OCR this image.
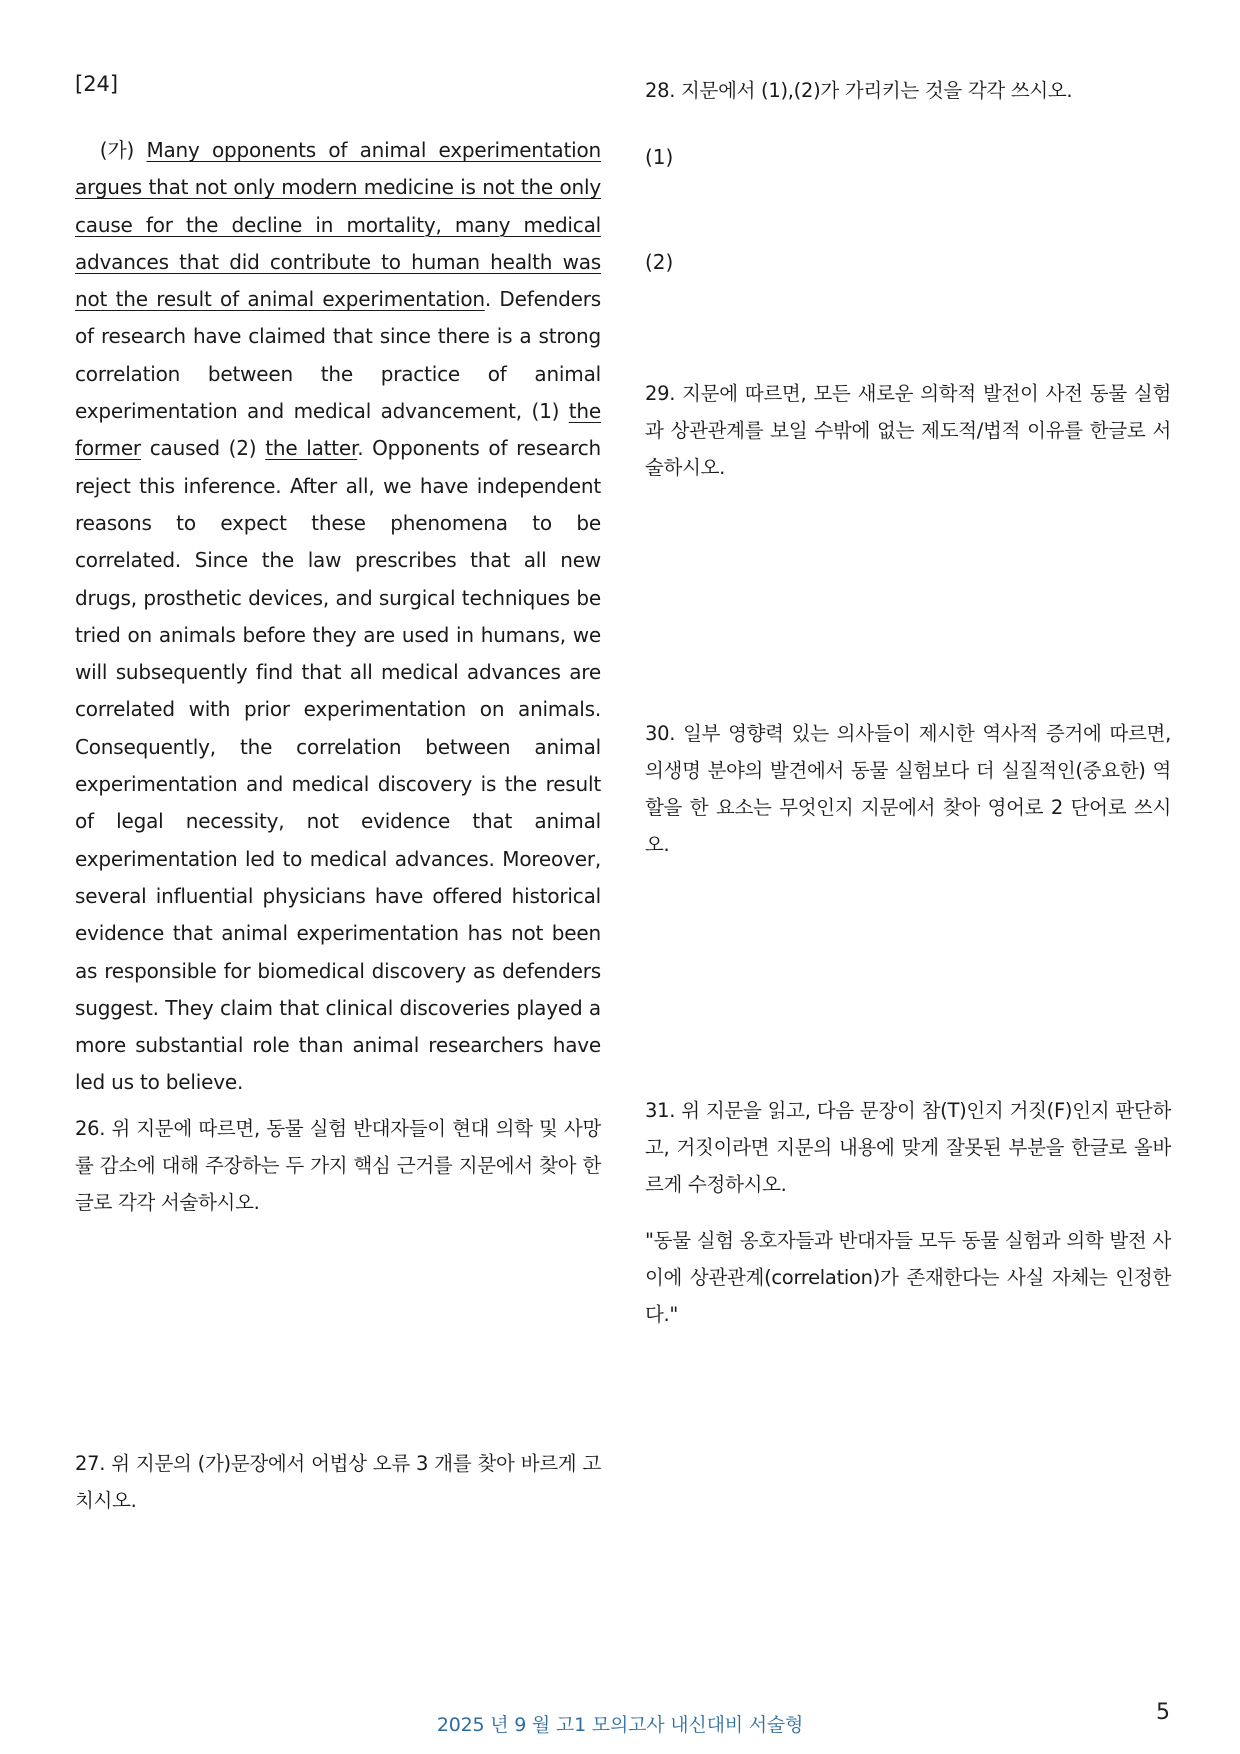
[24]

(가) Many opponents of animal experimentation argues that not only modern medicine is not the only cause for the decline in mortality, many medical advances that did contribute to human health was not the result of animal experimentation. Defenders of research have claimed that since there is a strong correlation between the practice of animal experimentation and medical advancement, (1) the former caused (2) the latter. Opponents of research reject this inference. After all, we have independent reasons to expect these phenomena to be correlated. Since the law prescribes that all new drugs, prosthetic devices, and surgical techniques be tried on animals before they are used in humans, we will subsequently find that all medical advances are correlated with prior experimentation on animals. Consequently, the correlation between animal experimentation and medical discovery is the result of legal necessity, not evidence that animal experimentation led to medical advances. Moreover, several influential physicians have offered historical evidence that animal experimentation has not been as responsible for biomedical discovery as defenders suggest. They claim that clinical discoveries played a more substantial role than animal researchers have led us to believe.

26. 위 지문에 따르면, 동물 실험 반대자들이 현대 의학 및 사망률 감소에 대해 주장하는 두 가지 핵심 근거를 지문에서 찾아 한글로 각각 서술하시오.

27. 위 지문의 (가)문장에서 어법상 오류 3 개를 찾아 바르게 고치시오.

28. 지문에서 (1),(2)가 가리키는 것을 각각 쓰시오.

(1)

(2)

29. 지문에 따르면, 모든 새로운 의학적 발전이 사전 동물 실험과 상관관계를 보일 수밖에 없는 제도적/법적 이유를 한글로 서술하시오.

30. 일부 영향력 있는 의사들이 제시한 역사적 증거에 따르면, 의생명 분야의 발견에서 동물 실험보다 더 실질적인(중요한) 역할을 한 요소는 무엇인지 지문에서 찾아 영어로 2 단어로 쓰시오.

31. 위 지문을 읽고, 다음 문장이 참(T)인지 거짓(F)인지 판단하고, 거짓이라면 지문의 내용에 맞게 잘못된 부분을 한글로 올바르게 수정하시오.

"동물 실험 옹호자들과 반대자들 모두 동물 실험과 의학 발전 사이에 상관관계(correlation)가 존재한다는 사실 자체는 인정한다."

2025 년 9 월 고1 모의고사 내신대비 서술형	5
